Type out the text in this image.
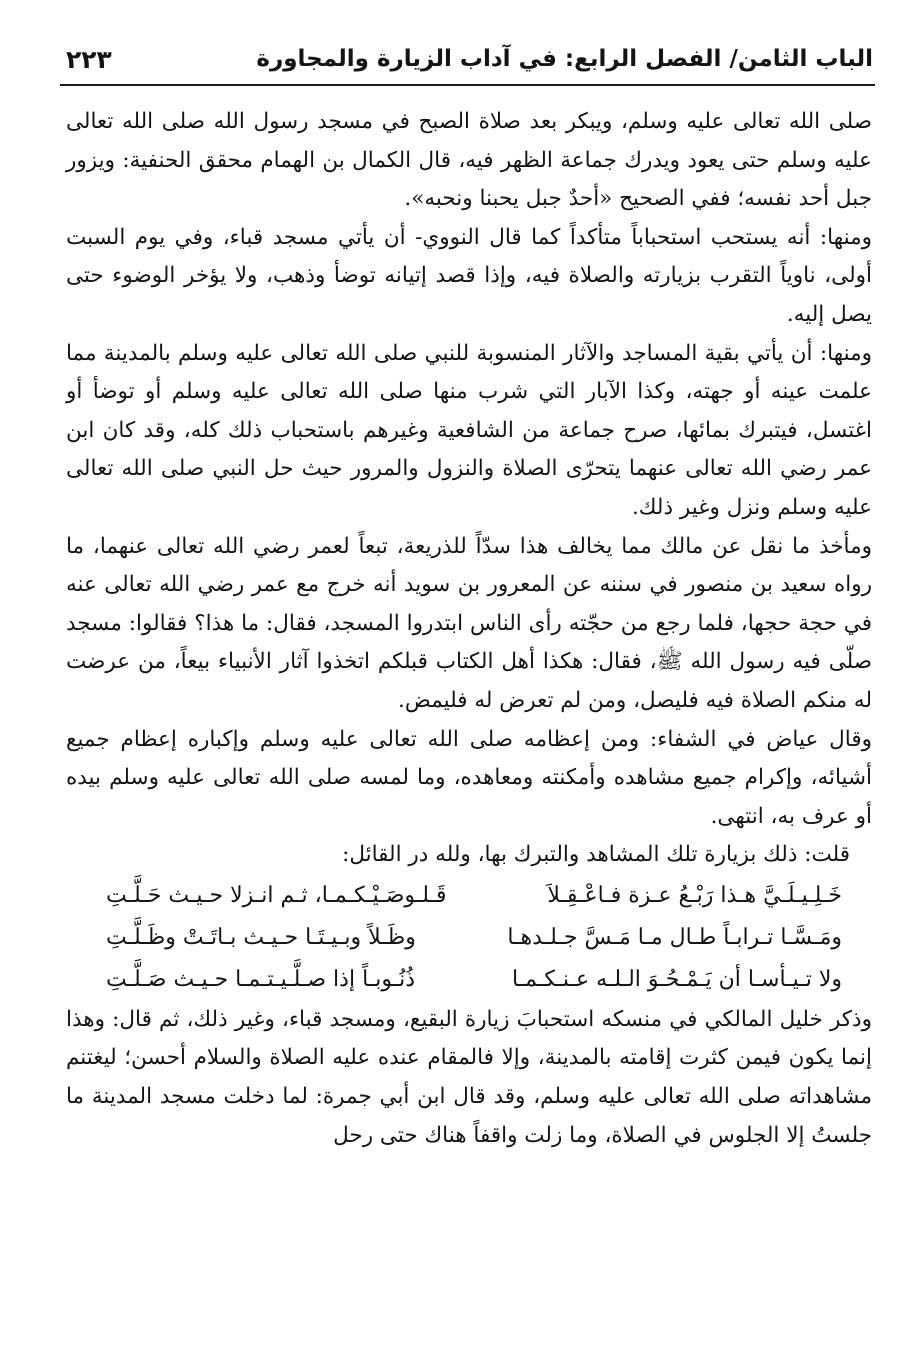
الباب الثامن/ الفصل الرابع: في آداب الزيارة والمجاورة
٢٢٣

صلى الله تعالى عليه وسلم، ويبكر بعد صلاة الصبح في مسجد رسول الله صلى الله تعالى عليه وسلم حتى يعود ويدرك جماعة الظهر فيه، قال الكمال بن الهمام محقق الحنفية: ويزور جبل أحد نفسه؛ ففي الصحيح «أحدٌ جبل يحبنا ونحبه».

ومنها: أنه يستحب استحباباً متأكداً كما قال النووي- أن يأتي مسجد قباء، وفي يوم السبت أولى، ناوياً التقرب بزيارته والصلاة فيه، وإذا قصد إتيانه توضأ وذهب، ولا يؤخر الوضوء حتى يصل إليه.

ومنها: أن يأتي بقية المساجد والآثار المنسوبة للنبي صلى الله تعالى عليه وسلم بالمدينة مما علمت عينه أو جهته، وكذا الآبار التي شرب منها صلى الله تعالى عليه وسلم أو توضأ أو اغتسل، فيتبرك بمائها، صرح جماعة من الشافعية وغيرهم باستحباب ذلك كله، وقد كان ابن عمر رضي الله تعالى عنهما يتحرّى الصلاة والنزول والمرور حيث حل النبي صلى الله تعالى عليه وسلم ونزل وغير ذلك.

ومأخذ ما نقل عن مالك مما يخالف هذا سدّاً للذريعة، تبعاً لعمر رضي الله تعالى عنهما، ما رواه سعيد بن منصور في سننه عن المعرور بن سويد أنه خرج مع عمر رضي الله تعالى عنه في حجة حجها، فلما رجع من حجّته رأى الناس ابتدروا المسجد، فقال: ما هذا؟ فقالوا: مسجد صلّى فيه رسول الله ﷺ، فقال: هكذا أهل الكتاب قبلكم اتخذوا آثار الأنبياء بيعاً، من عرضت له منكم الصلاة فيه فليصل، ومن لم تعرض له فليمض.

وقال عياض في الشفاء: ومن إعظامه صلى الله تعالى عليه وسلم وإكباره إعظام جميع أشيائه، وإكرام جميع مشاهده وأمكنته ومعاهده، وما لمسه صلى الله تعالى عليه وسلم بيده أو عرف به، انتهى.

قلت: ذلك بزيارة تلك المشاهد والتبرك بها، ولله در القائل:

خَـلِـيـلَـيَّ هـذا رَبْـعُ عـزة فـاعْـقِـلاَ
قَـلـوصَـيْـكـمـا، ثـم انـزلا حـيـث حَـلَّـتِ
ومَـسَّـا تـرابـاً طـال مـا مَـسَّ جـلـدهـا
وظَـلاً وبـيـتَـا حـيـث بـاتَـتْ وظَـلَّـتِ
ولا تـيـأسـا أن يَـمْـحُـوَ الـلـه عـنـكـمـا
ذُنُـوبـاً إذا صـلَّـيـتـمـا حـيـث صَـلَّـتِ

وذكر خليل المالكي في منسكه استحبابَ زيارة البقيع، ومسجد قباء، وغير ذلك، ثم قال: وهذا إنما يكون فيمن كثرت إقامته بالمدينة، وإلا فالمقام عنده عليه الصلاة والسلام أحسن؛ ليغتنم مشاهداته صلى الله تعالى عليه وسلم، وقد قال ابن أبي جمرة: لما دخلت مسجد المدينة ما جلستُ إلا الجلوس في الصلاة، وما زلت واقفاً هناك حتى رحل
